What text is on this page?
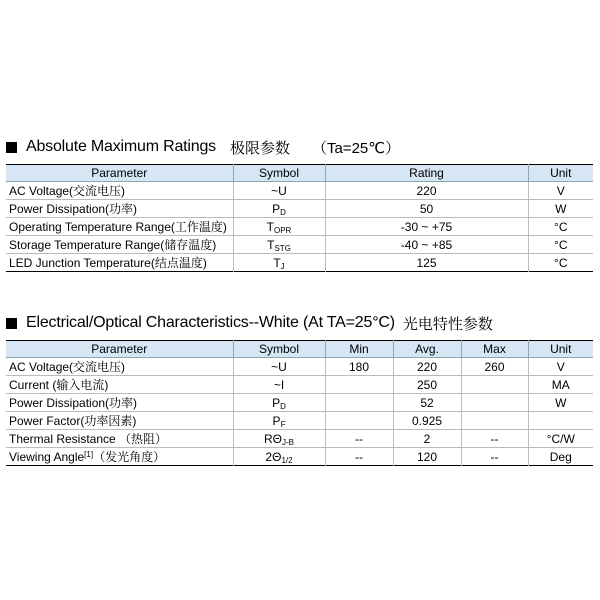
Absolute Maximum Ratings 极限参数 （Ta=25℃）
Parameter	Symbol	Rating	Unit
AC Voltage(交流电压)	~U	220	V
Power Dissipation(功率)	PD	50	W
Operating Temperature Range(工作温度)	TOPR	-30 ~ +75	°C
Storage Temperature Range(储存温度)	TSTG	-40 ~ +85	°C
LED Junction Temperature(结点温度)	TJ	125	°C
Electrical/Optical Characteristics--White (At TA=25°C) 光电特性参数
Parameter	Symbol	Min	Avg.	Max	Unit
AC Voltage(交流电压)	~U	180	220	260	V
Current (输入电流)	~I		250		MA
Power Dissipation(功率)	PD		52		W
Power Factor(功率因素)	PF		0.925		
Thermal Resistance （热阻）	RΘJ-B	--	2	--	°C/W
Viewing Angle[1]（发光角度）	2Θ1/2	--	120	--	Deg
